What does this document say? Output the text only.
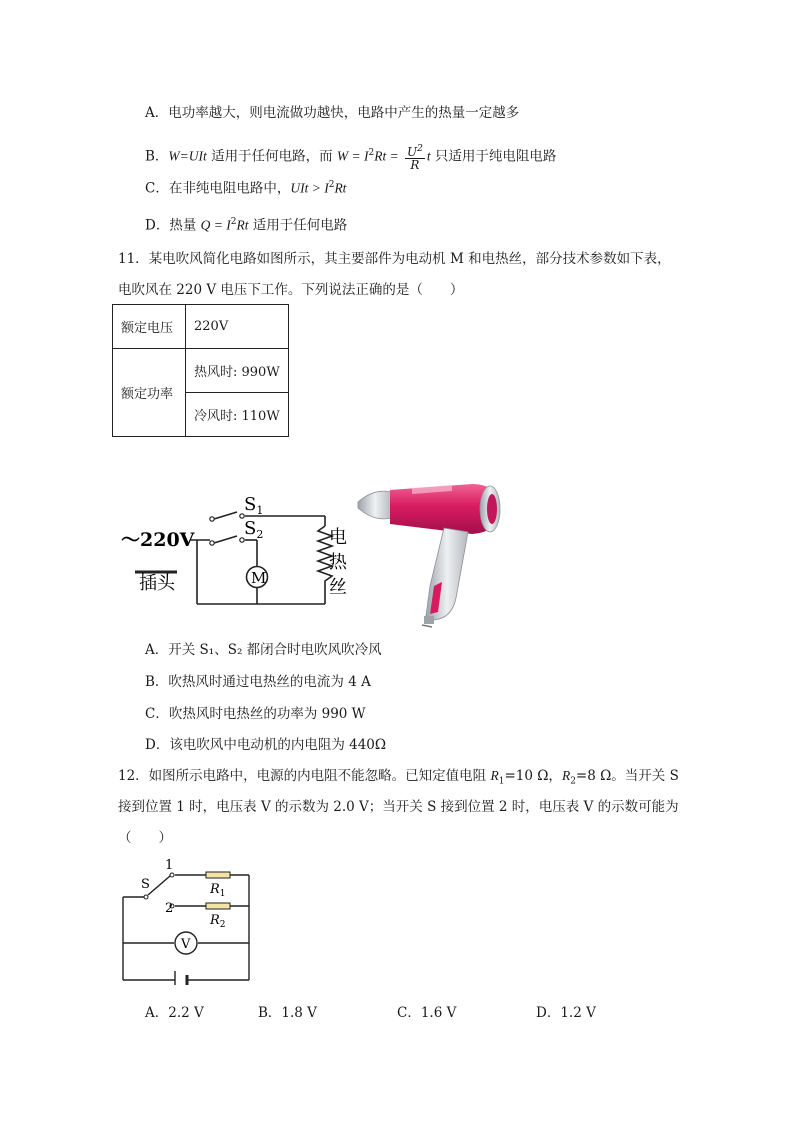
A．电功率越大，则电流做功越快，电路中产生的热量一定越多
B．W=UIt 适用于任何电路，而 $W = I^2Rt = \frac{U^2}{R}$ t 只适用于纯电阻电路
C．在非纯电阻电路中，UIt > $I^2Rt$
D．热量 $Q = I^2Rt$ 适用于任何电路
11．某电吹风简化电路如图所示，其主要部件为电动机 M 和电热丝，部分技术参数如下表，
电吹风在 220 V 电压下工作。下列说法正确的是（　　）
额定电压	220V
额定功率	热风时: 990W
	冷风时: 110W
$S_1$
$S_2$
～220V
插头	M
电
热
丝
A．开关 S₁、S₂ 都闭合时电吹风吹冷风
B．吹热风时通过电热丝的电流为 4 A
C．吹热风时电热丝的功率为 990 W
D．该电吹风中电动机的内电阻为 440Ω
12．如图所示电路中，电源的内电阻不能忽略。已知定值电阻 $R_1=10$ Ω，$R_2=8$ Ω。当开关 S
接到位置 1 时，电压表 V 的示数为 2.0 V；当开关 S 接到位置 2 时，电压表 V 的示数可能为
（　　）
V
S
1
2
$R_1$
$R_2$
A．2.2 V	B．1.8 V	C．1.6 V	D．1.2 V
